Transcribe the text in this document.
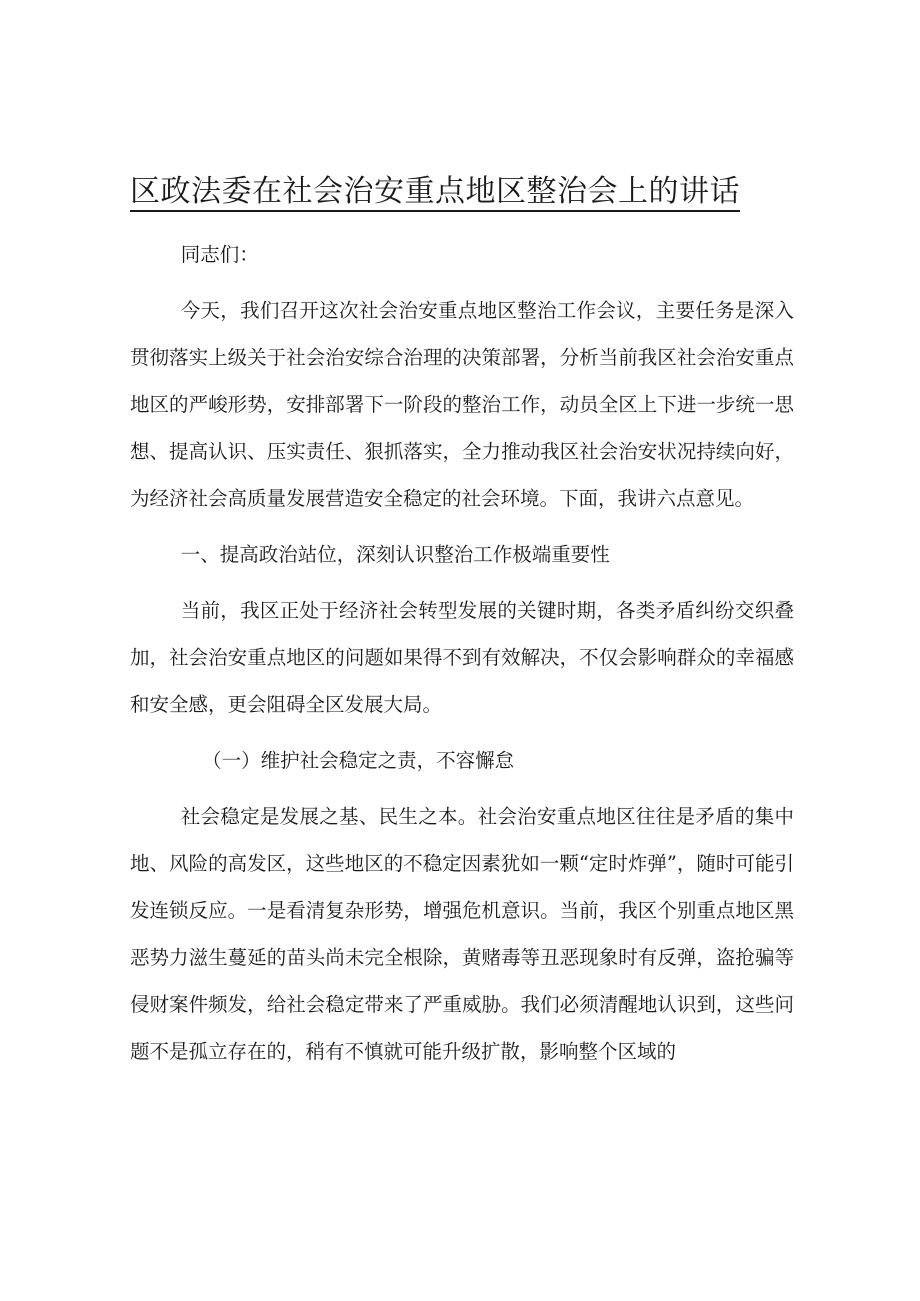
区政法委在社会治安重点地区整治会上的讲话

同志们：

今天，我们召开这次社会治安重点地区整治工作会议，主要任务是深入贯彻落实上级关于社会治安综合治理的决策部署，分析当前我区社会治安重点地区的严峻形势，安排部署下一阶段的整治工作，动员全区上下进一步统一思想、提高认识、压实责任、狠抓落实，全力推动我区社会治安状况持续向好，为经济社会高质量发展营造安全稳定的社会环境。下面，我讲六点意见。

一、提高政治站位，深刻认识整治工作极端重要性

当前，我区正处于经济社会转型发展的关键时期，各类矛盾纠纷交织叠加，社会治安重点地区的问题如果得不到有效解决，不仅会影响群众的幸福感和安全感，更会阻碍全区发展大局。

（一）维护社会稳定之责，不容懈怠

社会稳定是发展之基、民生之本。社会治安重点地区往往是矛盾的集中地、风险的高发区，这些地区的不稳定因素犹如一颗“定时炸弹”，随时可能引发连锁反应。一是看清复杂形势，增强危机意识。当前，我区个别重点地区黑恶势力滋生蔓延的苗头尚未完全根除，黄赌毒等丑恶现象时有反弹，盗抢骗等侵财案件频发，给社会稳定带来了严重威胁。我们必须清醒地认识到，这些问题不是孤立存在的，稍有不慎就可能升级扩散，影响整个区域的
